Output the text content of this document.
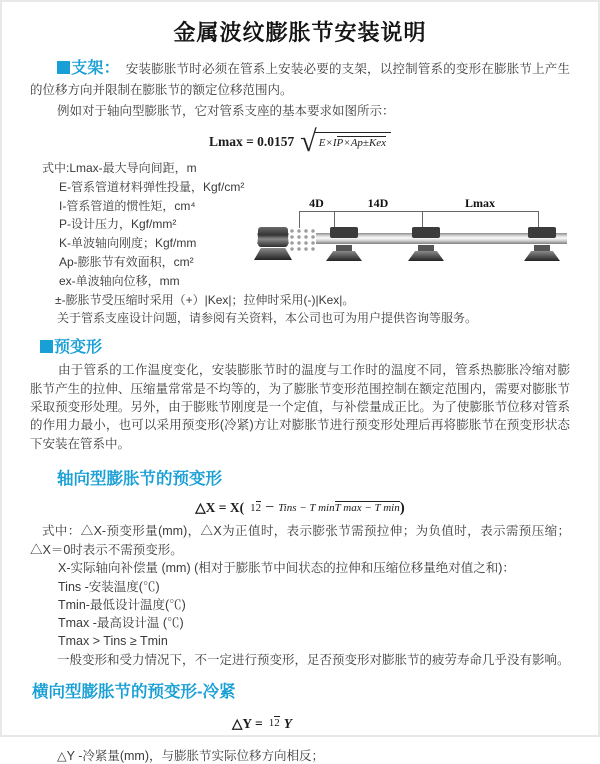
金属波纹膨胀节安装说明

支架： 安装膨胀节时必须在管系上安装必要的支架，以控制管系的变形在膨胀节上产生的位移方向并限制在膨胀节的额定位移范围内。

例如对于轴向型膨胀节，它对管系支座的基本要求如图所示：

Lmax = 0.0157 √ E×IP×Ap±Kex
式中:Lmax-最大导向间距，m
E-管系管道材料弹性投量，Kgf/cm²
I-管系管道的惯性矩，cm⁴
P-设计压力，Kgf/mm²
K-单波轴向刚度；Kgf/mm
Ap-膨胀节有效面积，cm²
ex-单波轴向位移，mm
±-膨胀节受压缩时采用（+）|Kex|；拉伸时采用(-)|Kex|。
关于管系支座设计问题，请参阅有关资料，本公司也可为用户提供咨询等服务。
4D	14D	Lmax
预变形

由于管系的工作温度变化，安装膨胀节时的温度与工作时的温度不同，管系热膨胀冷缩对膨胀节产生的拉伸、压缩量常常是不均等的，为了膨胀节变形范围控制在额定范围内，需要对膨胀节采取预变形处理。另外，由于膨账节刚度是一个定值，与补偿量成正比。为了使膨胀节位移对管系的作用力最小，也可以采用预变形(冷紧)方让对膨胀节进行预变形处理后再将膨胀节在预变形状态下安装在管系中。

轴向型膨胀节的预变形
△X = X( 12 − Tins − T minT max − T min)

式中：△X-预变形量(mm)，△X为正值时，表示膨张节需预拉伸；为负值时，表示需预压缩；△X＝0时表示不需预变形。

X-实际轴向补偿量 (mm) (相对于膨胀节中间状态的拉伸和压缩位移量绝对值之和)：
Tins -安装温度(℃)
Tmin-最低设计温度(℃)
Tmax -最高设计温 (℃)
Tmax > Tins ≥ Tmin

一般变形和受力情况下，不一定进行预变形，足否预变形对膨胀节的疲劳寿命几乎没有影响。

横向型膨胀节的预变形-冷紧
△Y = 12 Y
△Y -冷紧量(mm)，与膨胀节实际位移方向相反；
